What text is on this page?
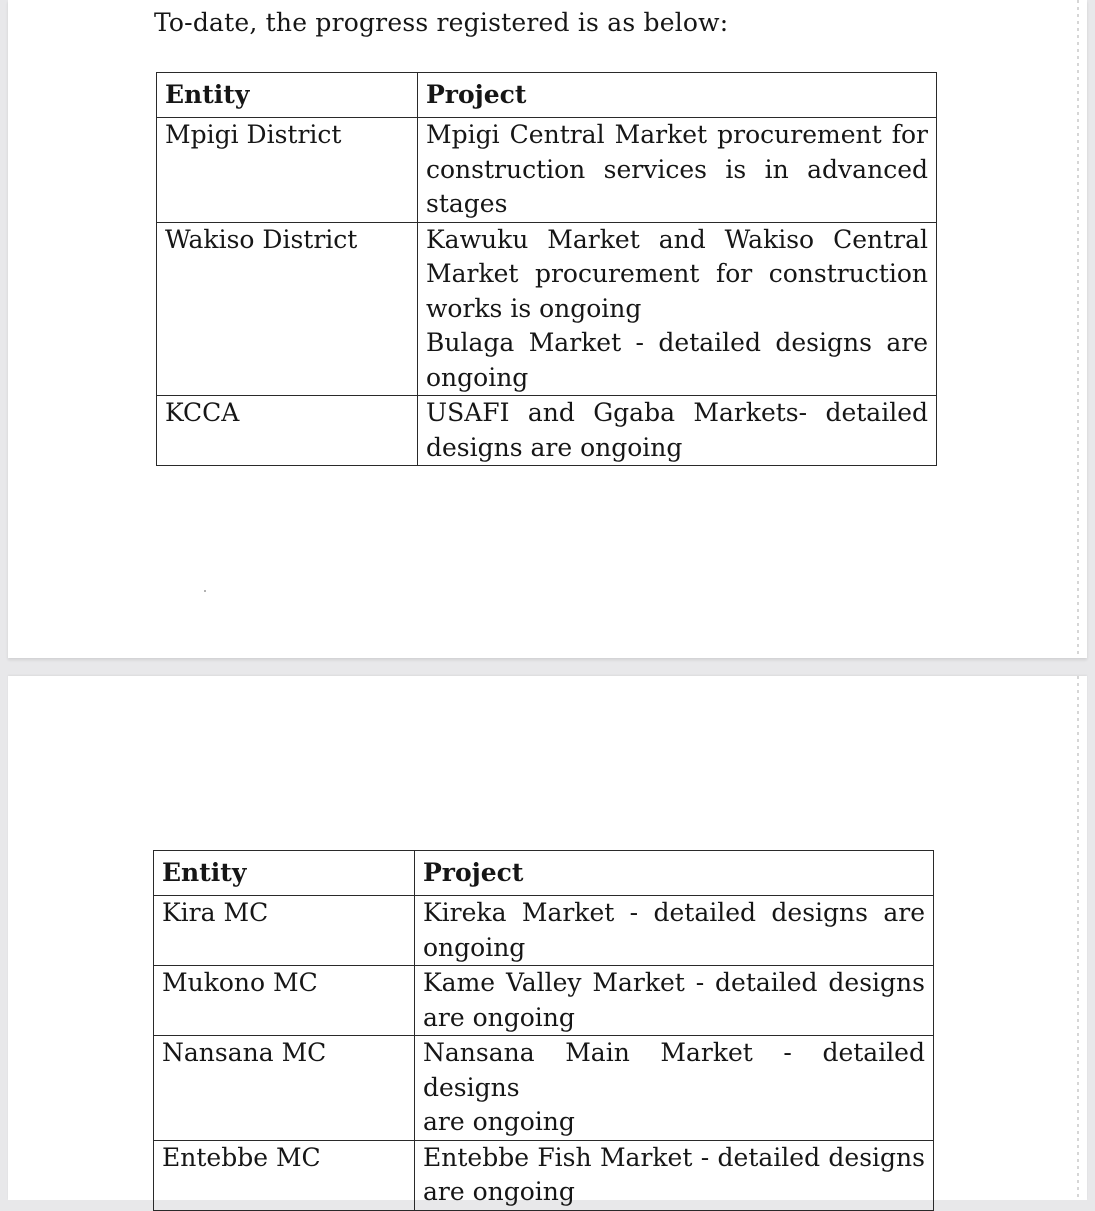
To-date, the progress registered is as below:

Entity	Project
Mpigi District	Mpigi Central Market procurement for
construction services is in advanced
stages

Wakiso District	Kawuku Market and Wakiso Central
Market procurement for construction
works is ongoing
Bulaga Market - detailed designs are
ongoing

KCCA	USAFI and Ggaba Markets- detailed
designs are ongoing
Entity	Project
Kira MC	Kireka Market - detailed designs are
ongoing

Mukono MC	Kame Valley Market - detailed designs
are ongoing

Nansana MC	Nansana Main Market - detailed designs
are ongoing

Entebbe MC	Entebbe Fish Market - detailed designs
are ongoing
